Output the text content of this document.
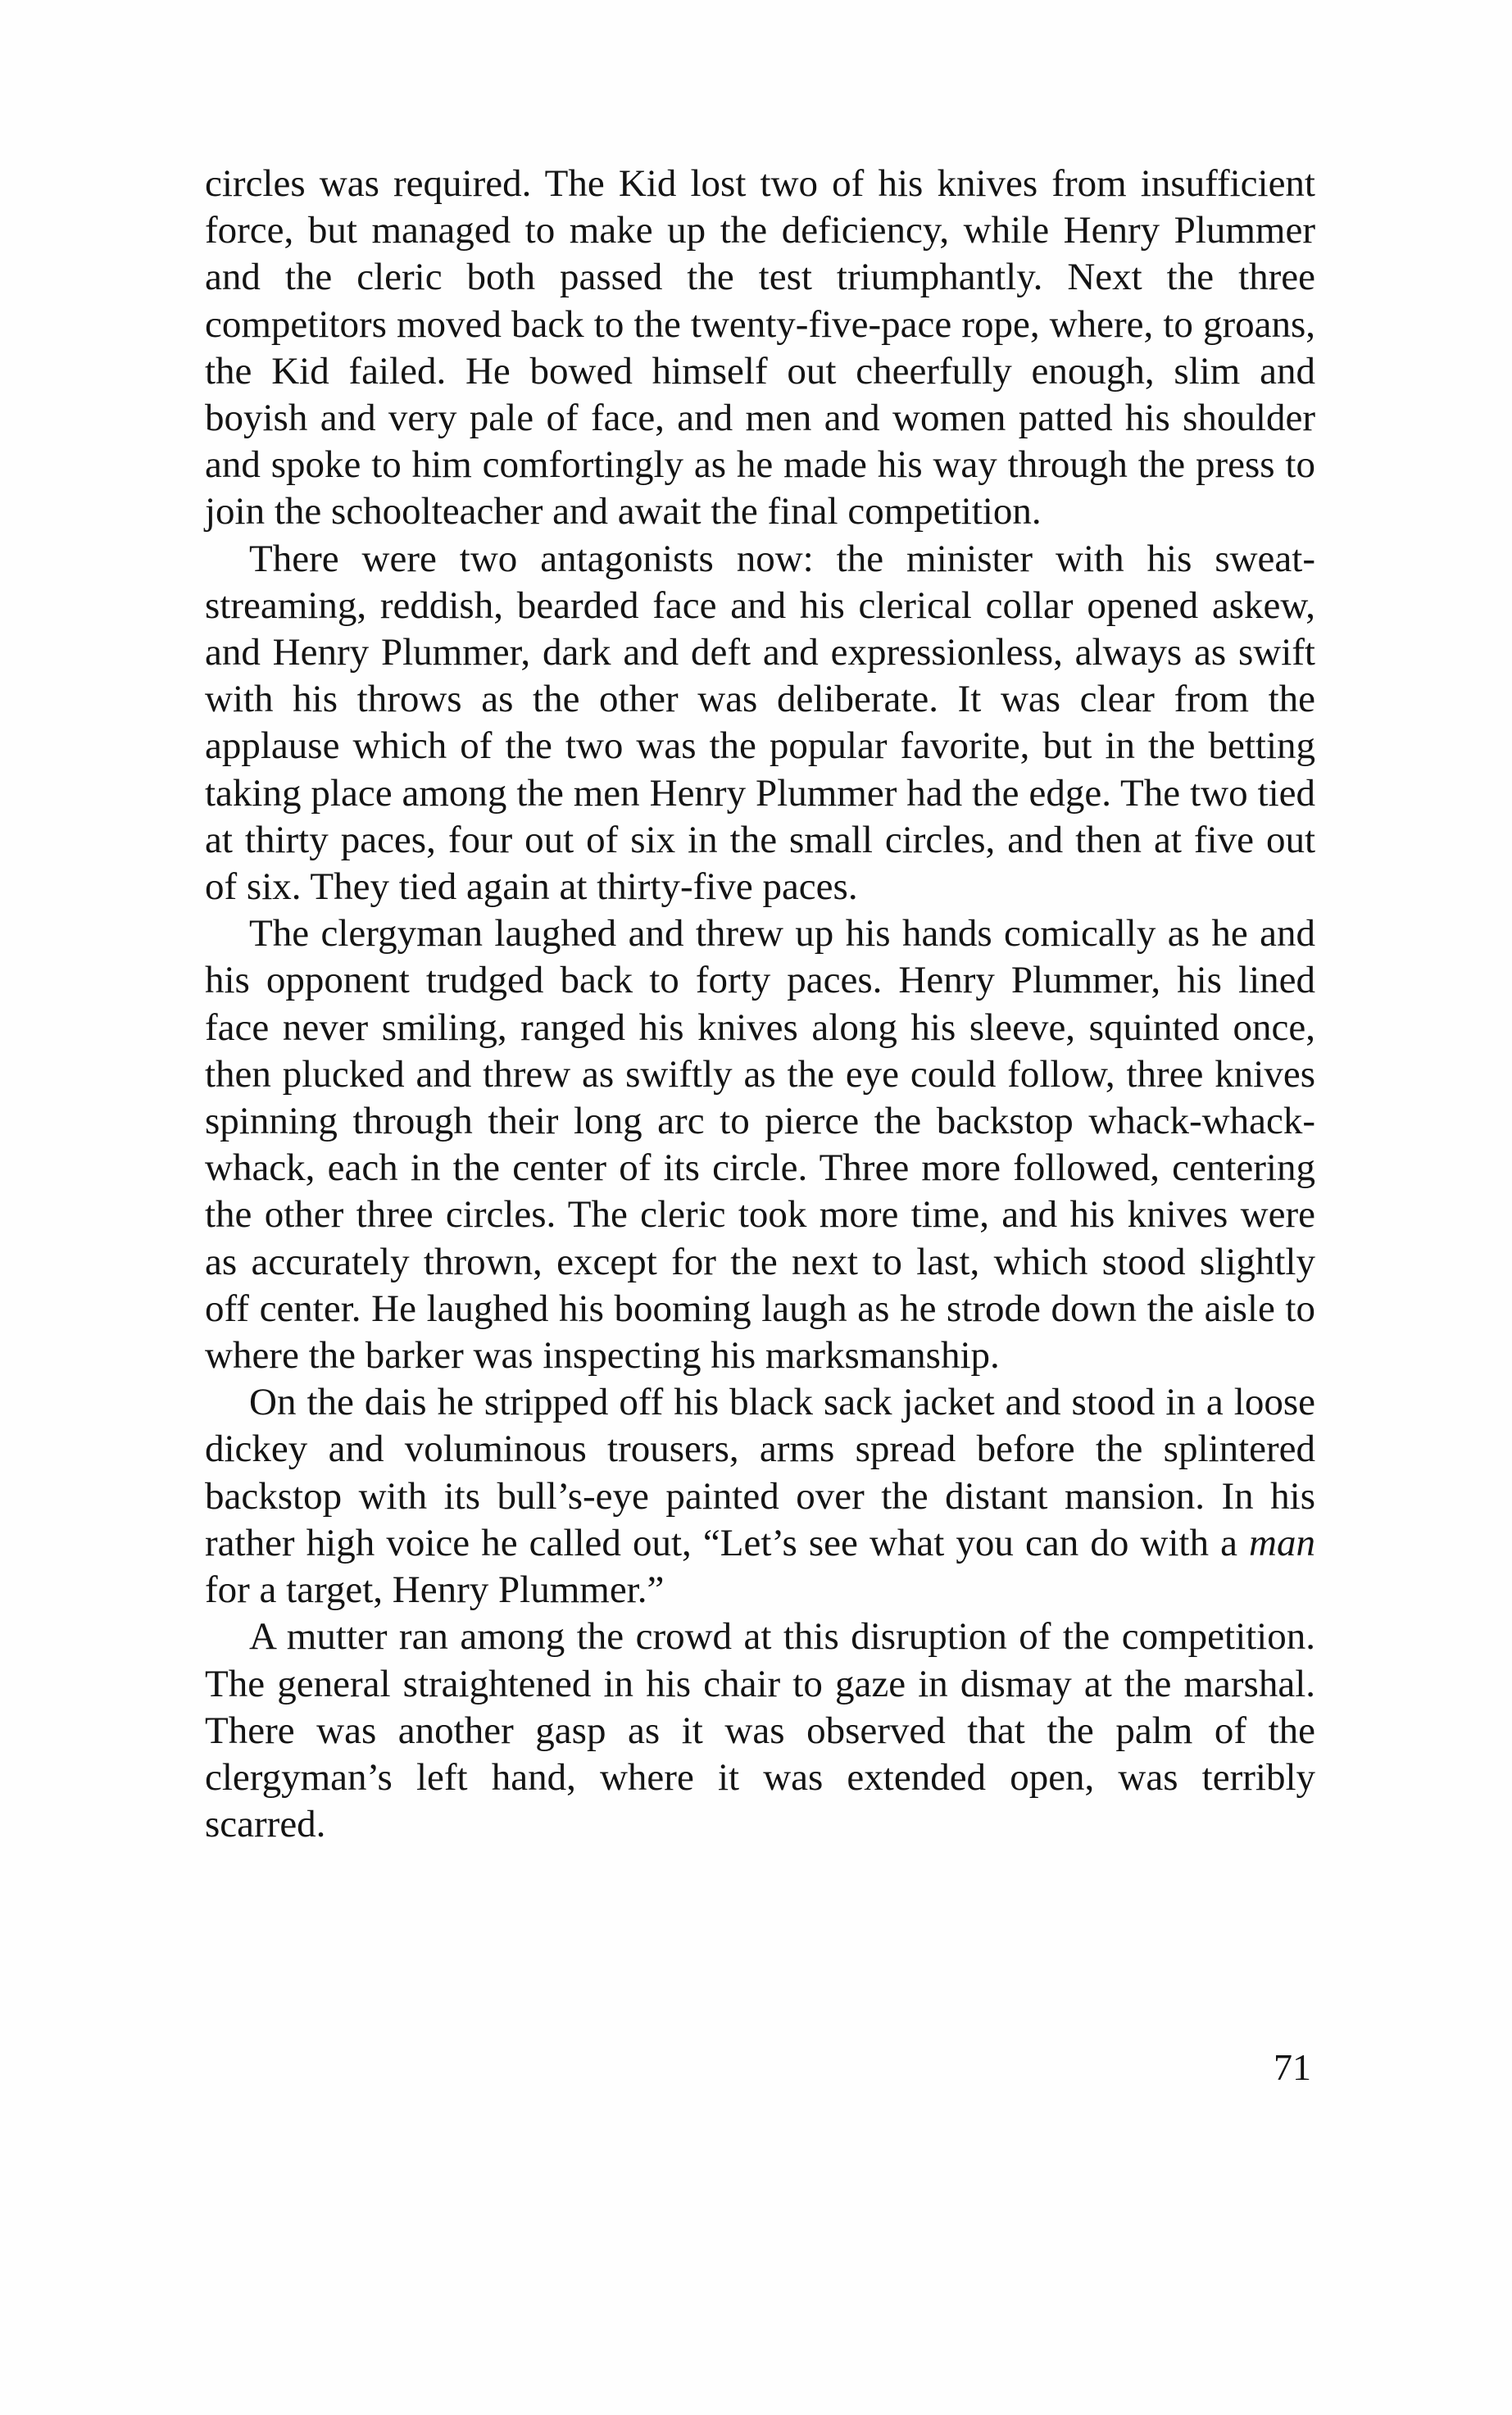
circles was required. The Kid lost two of his knives from insufficient force, but managed to make up the deficiency, while Henry Plummer and the cleric both passed the test triumphantly. Next the three competitors moved back to the twenty-five-pace rope, where, to groans, the Kid failed. He bowed himself out cheerfully enough, slim and boyish and very pale of face, and men and women patted his shoulder and spoke to him comfortingly as he made his way through the press to join the schoolteacher and await the final competition.

There were two antagonists now: the minister with his sweat-streaming, reddish, bearded face and his clerical collar opened askew, and Henry Plummer, dark and deft and expressionless, always as swift with his throws as the other was deliberate. It was clear from the applause which of the two was the popular favorite, but in the betting taking place among the men Henry Plummer had the edge. The two tied at thirty paces, four out of six in the small circles, and then at five out of six. They tied again at thirty-five paces.

The clergyman laughed and threw up his hands comically as he and his opponent trudged back to forty paces. Henry Plummer, his lined face never smiling, ranged his knives along his sleeve, squinted once, then plucked and threw as swiftly as the eye could follow, three knives spinning through their long arc to pierce the backstop whack-whack-whack, each in the center of its circle. Three more followed, centering the other three circles. The cleric took more time, and his knives were as accurately thrown, except for the next to last, which stood slightly off center. He laughed his booming laugh as he strode down the aisle to where the barker was inspecting his marksmanship.

On the dais he stripped off his black sack jacket and stood in a loose dickey and voluminous trousers, arms spread before the splintered backstop with its bull’s-eye painted over the distant mansion. In his rather high voice he called out, “Let’s see what you can do with a man for a target, Henry Plummer.”

A mutter ran among the crowd at this disruption of the competition. The general straightened in his chair to gaze in dismay at the marshal. There was another gasp as it was observed that the palm of the clergyman’s left hand, where it was extended open, was terribly scarred.

71
